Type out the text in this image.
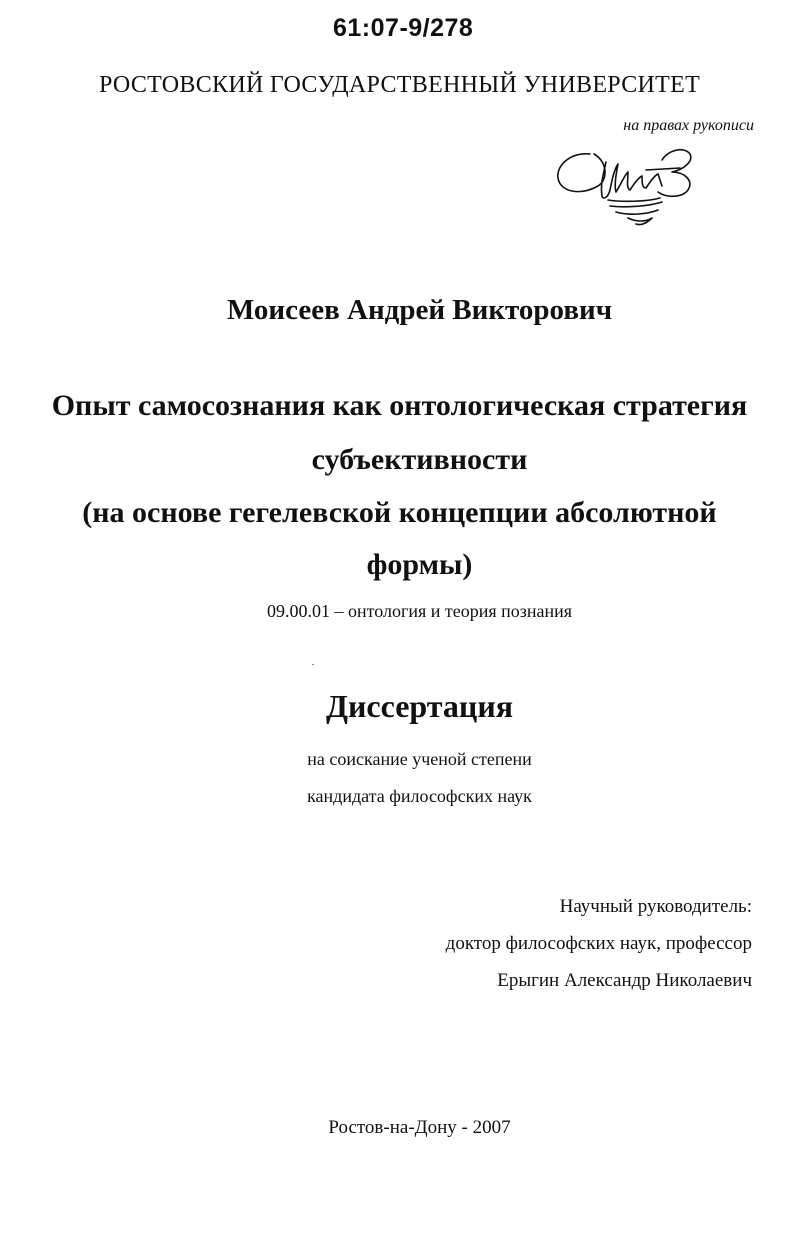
61:07-9/278
РОСТОВСКИЙ ГОСУДАРСТВЕННЫЙ УНИВЕРСИТЕТ
на правах рукописи
Моисеев Андрей Викторович
Опыт самосознания как онтологическая стратегия
субъективности
(на основе гегелевской концепции абсолютной
формы)
09.00.01 – онтология и теория познания
Диссертация
на соискание ученой степени
кандидата философских наук
Научный руководитель:
доктор философских наук, профессор
Ерыгин Александр Николаевич
Ростов-на-Дону - 2007
